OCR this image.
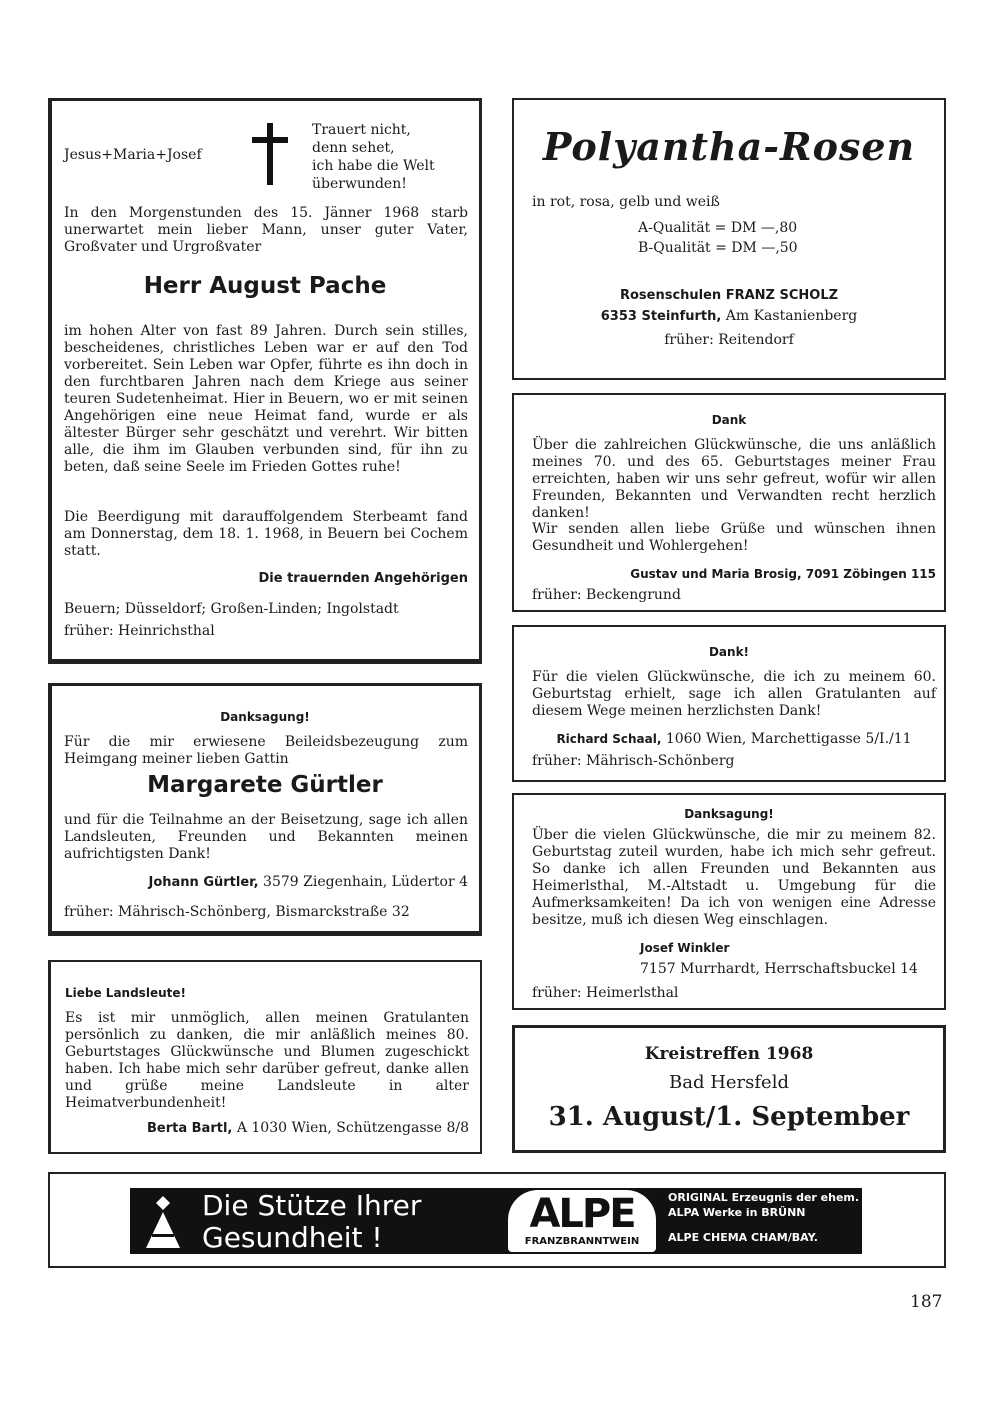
Jesus+Maria+Josef
Trauert nicht,
denn sehet,
ich habe die Welt
überwunden!

In den Morgenstunden des 15. Jänner 1968 starb unerwartet mein lieber Mann, unser guter Vater, Großvater und Urgroßvater

Herr August Pache

im hohen Alter von fast 89 Jahren. Durch sein stilles, bescheidenes, christliches Leben war er auf den Tod vorbereitet. Sein Leben war Opfer, führte es ihn doch in den furchtbaren Jahren nach dem Kriege aus seiner teuren Sudetenheimat. Hier in Beuern, wo er mit seinen Angehörigen eine neue Heimat fand, wurde er als ältester Bürger sehr geschätzt und verehrt. Wir bitten alle, die ihm im Glauben verbunden sind, für ihn zu beten, daß seine Seele im Frieden Gottes ruhe!

Die Beerdigung mit darauffolgendem Sterbeamt fand am Donnerstag, dem 18. 1. 1968, in Beuern bei Cochem statt.

Die trauernden Angehörigen
Beuern; Düsseldorf; Großen-Linden; Ingolstadt
früher: Heinrichsthal
Danksagung!

Für die mir erwiesene Beileidsbezeugung zum Heimgang meiner lieben Gattin

Margarete Gürtler

und für die Teilnahme an der Beisetzung, sage ich allen Landsleuten, Freunden und Bekannten meinen aufrichtigsten Dank!

Johann Gürtler, 3579 Ziegenhain, Lüdertor 4
früher: Mährisch-Schönberg, Bismarckstraße 32
Liebe Landsleute!

Es ist mir unmöglich, allen meinen Gratulanten persönlich zu danken, die mir anläßlich meines 80. Geburtstages Glückwünsche und Blumen zugeschickt haben. Ich habe mich sehr darüber gefreut, danke allen und grüße meine Landsleute in alter Heimatverbundenheit!

Berta Bartl, A 1030 Wien, Schützengasse 8/8
Polyantha-Rosen
in rot, rosa, gelb und weiß
A-Qualität = DM —,80
B-Qualität = DM —,50
Rosenschulen FRANZ SCHOLZ
6353 Steinfurth, Am Kastanienberg
früher: Reitendorf
Dank

Über die zahlreichen Glückwünsche, die uns anläßlich meines 70. und des 65. Geburtstages meiner Frau erreichten, haben wir uns sehr gefreut, wofür wir allen Freunden, Bekannten und Verwandten recht herzlich danken!

Wir senden allen liebe Grüße und wünschen ihnen Gesundheit und Wohlergehen!

Gustav und Maria Brosig, 7091 Zöbingen 115
früher: Beckengrund
Dank!

Für die vielen Glückwünsche, die ich zu meinem 60. Geburtstag erhielt, sage ich allen Gratulanten auf diesem Wege meinen herzlichsten Dank!

Richard Schaal, 1060 Wien, Marchettigasse 5/I./11
früher: Mährisch-Schönberg
Danksagung!

Über die vielen Glückwünsche, die mir zu meinem 82. Geburtstag zuteil wurden, habe ich mich sehr gefreut. So danke ich allen Freunden und Bekannten aus Heimerlsthal, M.-Altstadt u. Umgebung für die Aufmerksamkeiten! Da ich von wenigen eine Adresse besitze, muß ich diesen Weg einschlagen.

Josef Winkler
7157 Murrhardt, Herrschaftsbuckel 14
früher: Heimerlsthal
Kreistreffen 1968
Bad Hersfeld
31. August/1. September
Die Stütze Ihrer
Gesundheit !
ALPE
FRANZBRANNTWEIN
ORIGINAL Erzeugnis der ehem.
ALPA Werke in BRÜNN
ALPE CHEMA CHAM/BAY.
187
